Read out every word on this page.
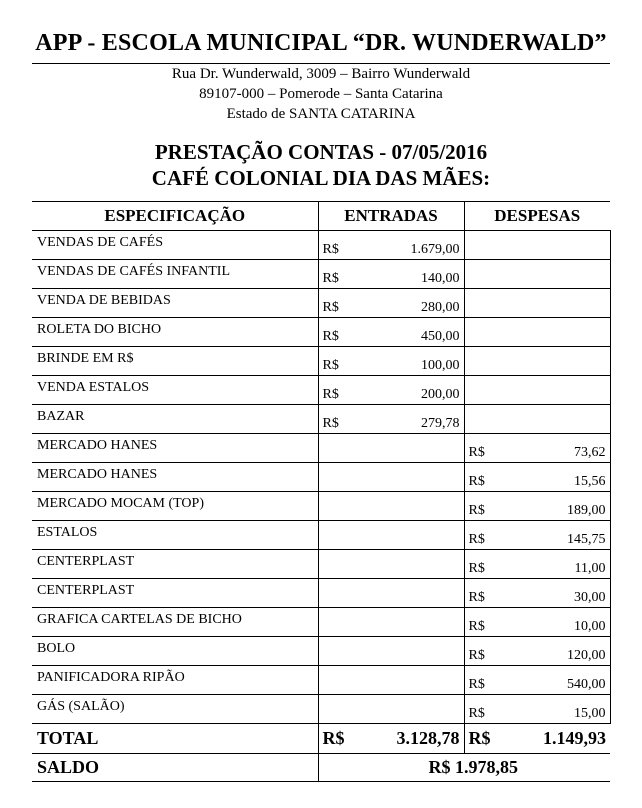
APP - ESCOLA MUNICIPAL “DR. WUNDERWALD”
Rua Dr. Wunderwald, 3009 – Bairro Wunderwald
89107-000 – Pomerode – Santa Catarina
Estado de SANTA CATARINA
PRESTAÇÃO CONTAS - 07/05/2016
CAFÉ COLONIAL DIA DAS MÃES:
ESPECIFICAÇÃO	ENTRADAS	DESPESAS
VENDAS DE CAFÉS	R$ 1.679,00	

VENDAS DE CAFÉS INFANTIL	R$ 140,00	

VENDA DE BEBIDAS	R$ 280,00	

ROLETA DO BICHO	R$ 450,00	

BRINDE EM R$	R$ 100,00	

VENDA ESTALOS	R$ 200,00	

BAZAR	R$ 279,78	

MERCADO HANES		R$ 73,62

MERCADO HANES		R$ 15,56

MERCADO MOCAM (TOP)		R$ 189,00

ESTALOS		R$ 145,75

CENTERPLAST		R$ 11,00

CENTERPLAST		R$ 30,00

GRAFICA CARTELAS DE BICHO		R$ 10,00

BOLO		R$ 120,00

PANIFICADORA RIPÃO		R$ 540,00

GÁS (SALÃO)		R$ 15,00

TOTAL	R$ 3.128,78	R$ 1.149,93

SALDO	R$ 1.978,85	
